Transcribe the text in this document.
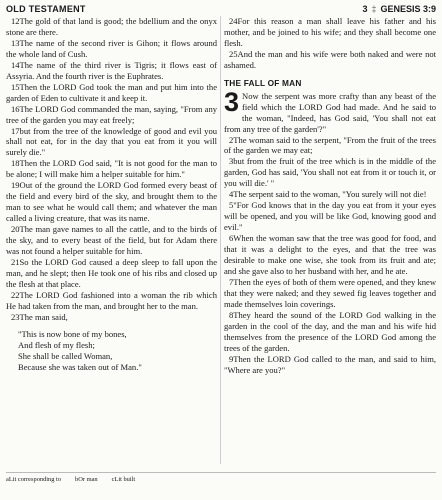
OLD TESTAMENT	3 ‡ GENESIS 3:9

12The gold of that land is good; the bdellium and the onyx stone are there.

13The name of the second river is Gihon; it flows around the whole land of Cush.

14The name of the third river is Tigris; it flows east of Assyria. And the fourth river is the Euphrates.

15Then the LORD God took the man and put him into the garden of Eden to cultivate it and keep it.

16The LORD God commanded the man, saying, "From any tree of the garden you may eat freely;

17but from the tree of the knowledge of good and evil you shall not eat, for in the day that you eat from it you will surely die."

18Then the LORD God said, "It is not good for the man to be alone; I will make him a helper suitable for him."

19Out of the ground the LORD God formed every beast of the field and every bird of the sky, and brought them to the man to see what he would call them; and whatever the man called a living creature, that was its name.

20The man gave names to all the cattle, and to the birds of the sky, and to every beast of the field, but for Adam there was not found a helper suitable for him.

21So the LORD God caused a deep sleep to fall upon the man, and he slept; then He took one of his ribs and closed up the flesh at that place.

22The LORD God fashioned into a woman the rib which He had taken from the man, and brought her to the man.

23The man said,

"This is now bone of my bones,

And flesh of my flesh;

She shall be called Woman,

Because she was taken out of Man."

24For this reason a man shall leave his father and his mother, and be joined to his wife; and they shall become one flesh.

25And the man and his wife were both naked and were not ashamed.

THE FALL OF MAN

3 Now the serpent was more crafty than any beast of the field which the LORD God had made. And he said to the woman, "Indeed, has God said, 'You shall not eat from any tree of the garden'?"

2The woman said to the serpent, "From the fruit of the trees of the garden we may eat;

3but from the fruit of the tree which is in the middle of the garden, God has said, 'You shall not eat from it or touch it, or you will die.' "

4The serpent said to the woman, "You surely will not die!

5"For God knows that in the day you eat from it your eyes will be opened, and you will be like God, knowing good and evil."

6When the woman saw that the tree was good for food, and that it was a delight to the eyes, and that the tree was desirable to make one wise, she took from its fruit and ate; and she gave also to her husband with her, and he ate.

7Then the eyes of both of them were opened, and they knew that they were naked; and they sewed fig leaves together and made themselves loin coverings.

8They heard the sound of the LORD God walking in the garden in the cool of the day, and the man and his wife hid themselves from the presence of the LORD God among the trees of the garden.

9Then the LORD God called to the man, and said to him, "Where are you?"

aLit corresponding to bOr man cLit built
